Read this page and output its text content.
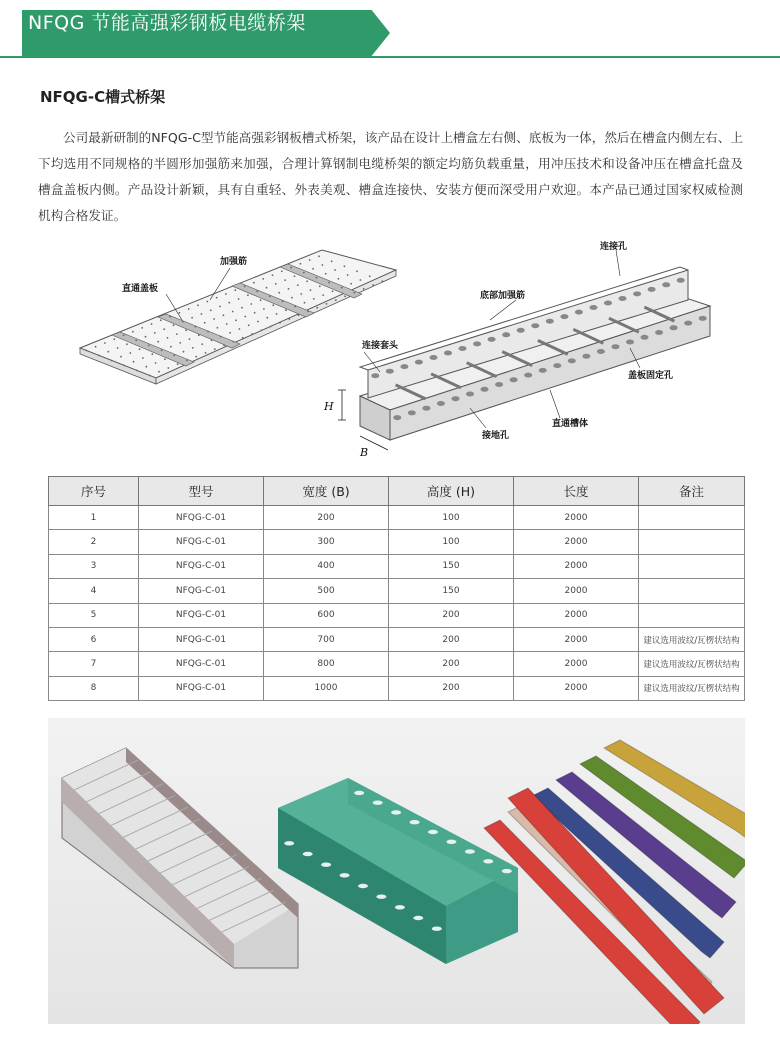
NFQG 节能高强彩钢板电缆桥架
NFQG-C槽式桥架
公司最新研制的NFQG-C型节能高强彩钢板槽式桥架，该产品在设计上槽盒左右侧、底板为一体，然后在槽盒内侧左右、上下均选用不同规格的半圆形加强筋来加强，合理计算钢制电缆桥架的额定均筋负载重量，用冲压技术和设备冲压在槽盒托盘及槽盒盖板内侧。产品设计新颖，具有自重轻、外表美观、槽盒连接快、安装方便而深受用户欢迎。本产品已通过国家权威检测机构合格发证。
H
B
加强筋
直通盖板
连接孔
底部加强筋
连接套头
盖板固定孔
直通槽体
接地孔
序号	型号	宽度 (B)	高度 (H)	长度	备注
1	NFQG-C-01	200	100	2000	
2	NFQG-C-01	300	100	2000	
3	NFQG-C-01	400	150	2000	
4	NFQG-C-01	500	150	2000	
5	NFQG-C-01	600	200	2000	
6	NFQG-C-01	700	200	2000	建议选用波纹/瓦楞状结构
7	NFQG-C-01	800	200	2000	建议选用波纹/瓦楞状结构
8	NFQG-C-01	1000	200	2000	建议选用波纹/瓦楞状结构
